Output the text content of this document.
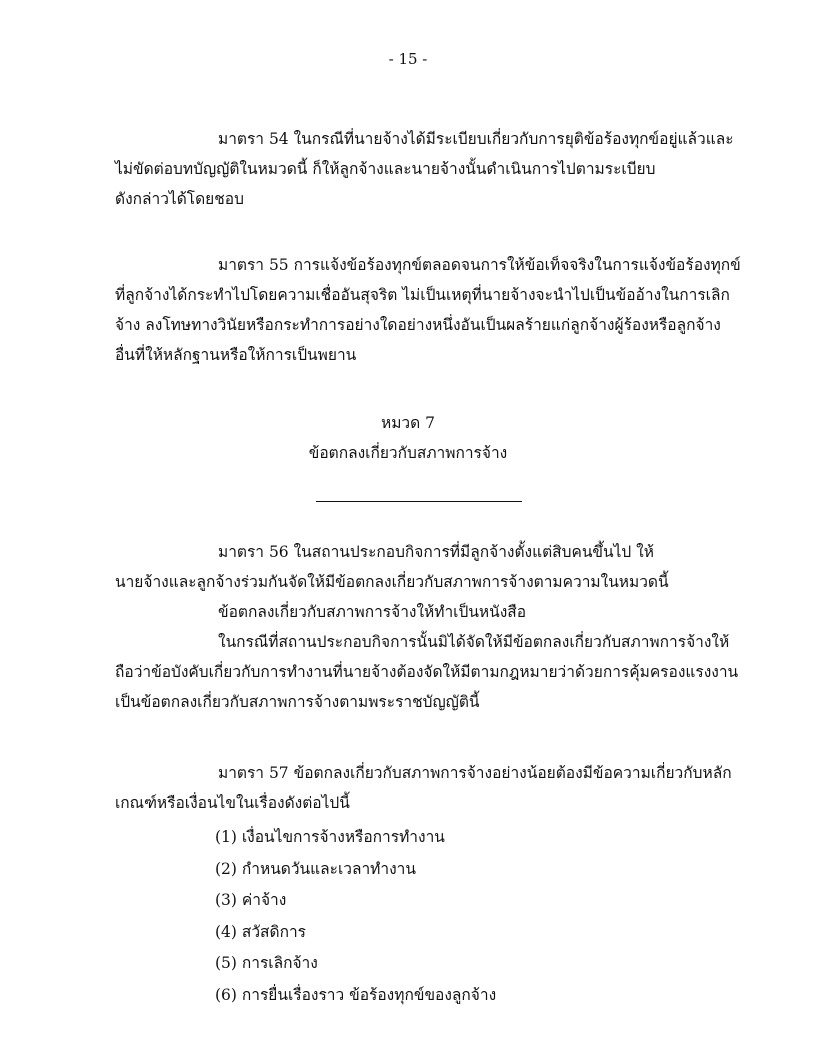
- 15 -
มาตรา 54 ในกรณีที่นายจ้างได้มีระเบียบเกี่ยวกับการยุติข้อร้องทุกข์อยู่แล้วและ
ไม่ขัดต่อบทบัญญัติในหมวดนี้ ก็ให้ลูกจ้างและนายจ้างนั้นดำเนินการไปตามระเบียบ
ดังกล่าวได้โดยชอบ
มาตรา 55 การแจ้งข้อร้องทุกข์ตลอดจนการให้ข้อเท็จจริงในการแจ้งข้อร้องทุกข์
ที่ลูกจ้างได้กระทำไปโดยความเชื่ออันสุจริต ไม่เป็นเหตุที่นายจ้างจะนำไปเป็นข้ออ้างในการเลิก
จ้าง ลงโทษทางวินัยหรือกระทำการอย่างใดอย่างหนึ่งอันเป็นผลร้ายแก่ลูกจ้างผู้ร้องหรือลูกจ้าง
อื่นที่ให้หลักฐานหรือให้การเป็นพยาน
หมวด 7
ข้อตกลงเกี่ยวกับสภาพการจ้าง
มาตรา 56 ในสถานประกอบกิจการที่มีลูกจ้างตั้งแต่สิบคนขึ้นไป ให้
นายจ้างและลูกจ้างร่วมกันจัดให้มีข้อตกลงเกี่ยวกับสภาพการจ้างตามความในหมวดนี้
ข้อตกลงเกี่ยวกับสภาพการจ้างให้ทำเป็นหนังสือ
ในกรณีที่สถานประกอบกิจการนั้นมิได้จัดให้มีข้อตกลงเกี่ยวกับสภาพการจ้างให้
ถือว่าข้อบังคับเกี่ยวกับการทำงานที่นายจ้างต้องจัดให้มีตามกฎหมายว่าด้วยการคุ้มครองแรงงาน
เป็นข้อตกลงเกี่ยวกับสภาพการจ้างตามพระราชบัญญัตินี้
มาตรา 57 ข้อตกลงเกี่ยวกับสภาพการจ้างอย่างน้อยต้องมีข้อความเกี่ยวกับหลัก
เกณฑ์หรือเงื่อนไขในเรื่องดังต่อไปนี้
(1) เงื่อนไขการจ้างหรือการทำงาน
(2) กำหนดวันและเวลาทำงาน
(3) ค่าจ้าง
(4) สวัสดิการ
(5) การเลิกจ้าง
(6) การยื่นเรื่องราว ข้อร้องทุกข์ของลูกจ้าง
